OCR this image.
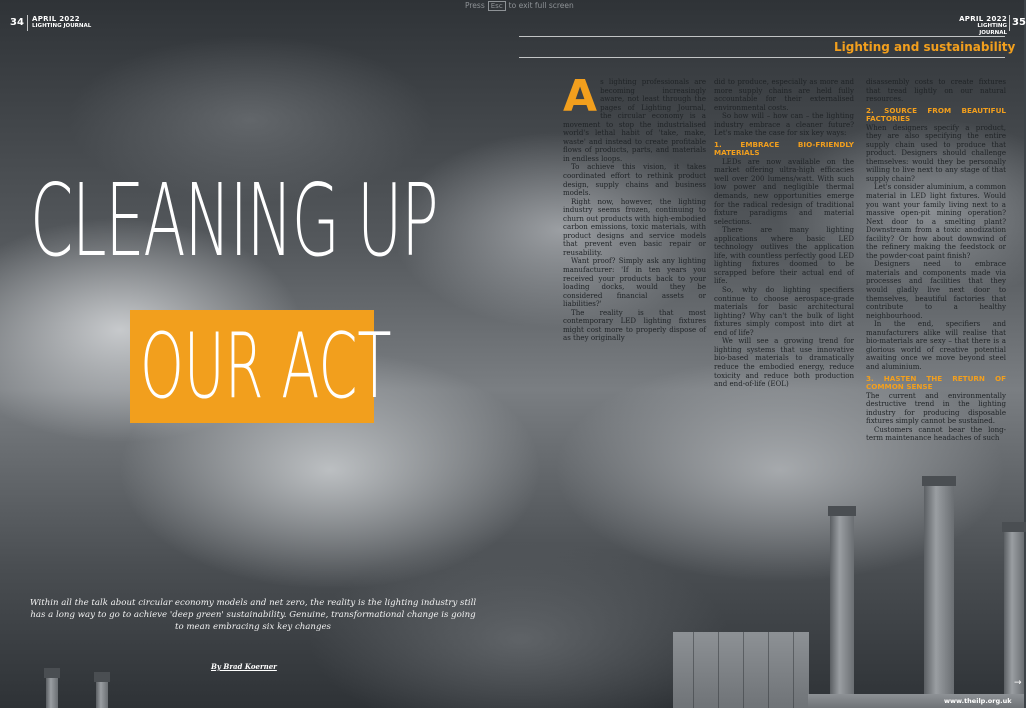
Press Esc to exit full screen
34 APRIL 2022
LIGHTING JOURNAL
APRIL 2022
LIGHTING JOURNAL
35
Lighting and sustainability
CLEANING UP
OUR ACT
A s lighting professionals are becoming increasingly aware, not least through the pages of Lighting Journal, the circular economy is a movement to stop the industrialised world's lethal habit of 'take, make, waste' and instead to create profitable flows of products, parts, and materials in endless loops.

To achieve this vision, it takes coordinated effort to rethink product design, supply chains and business models.

Right now, however, the lighting industry seems frozen, continuing to churn out products with high-embodied carbon emissions, toxic materials, with product designs and service models that prevent even basic repair or reusability.

Want proof? Simply ask any lighting manufacturer: 'If in ten years you received your products back to your loading docks, would they be considered financial assets or liabilities?'

The reality is that most contemporary LED lighting fixtures might cost more to properly dispose of as they originally

did to produce, especially as more and more supply chains are held fully accountable for their externalised environmental costs.

So how will – how can – the lighting industry embrace a cleaner future? Let's make the case for six key ways:

1. EMBRACE BIO-FRIENDLY MATERIALS

LEDs are now available on the market offering ultra-high efficacies well over 200 lumens/watt. With such low power and negligible thermal demands, new opportunities emerge for the radical redesign of traditional fixture paradigms and material selections.

There are many lighting applications where basic LED technology outlives the application life, with countless perfectly good LED lighting fixtures doomed to be scrapped before their actual end of life.

So, why do lighting specifiers continue to choose aerospace-grade materials for basic architectural lighting? Why can't the bulk of light fixtures simply compost into dirt at end of life?

We will see a growing trend for lighting systems that use innovative bio-based materials to dramatically reduce the embodied energy, reduce toxicity and reduce both production and end-of-life (EOL)

disassembly costs to create fixtures that tread lightly on our natural resources.

2. SOURCE FROM BEAUTIFUL FACTORIES

When designers specify a product, they are also specifying the entire supply chain used to produce that product. Designers should challenge themselves: would they be personally willing to live next to any stage of that supply chain?

Let's consider aluminium, a common material in LED light fixtures. Would you want your family living next to a massive open-pit mining operation? Next door to a smelting plant? Downstream from a toxic anodization facility? Or how about downwind of the refinery making the feedstock or the powder-coat paint finish?

Designers need to embrace materials and components made via processes and facilities that they would gladly live next door to themselves, beautiful factories that contribute to a healthy neighbourhood.

In the end, specifiers and manufacturers alike will realise that bio-materials are sexy – that there is a glorious world of creative potential awaiting once we move beyond steel and aluminium.

3. HASTEN THE RETURN OF COMMON SENSE

The current and environmentally destructive trend in the lighting industry for producing disposable fixtures simply cannot be sustained.

Customers cannot bear the long-term maintenance headaches of such

Within all the talk about circular economy models and net zero, the reality is the lighting industry still has a long way to go to achieve 'deep green' sustainability. Genuine, transformational change is going to mean embracing six key changes
By Brad Koerner
→
www.theilp.org.uk
